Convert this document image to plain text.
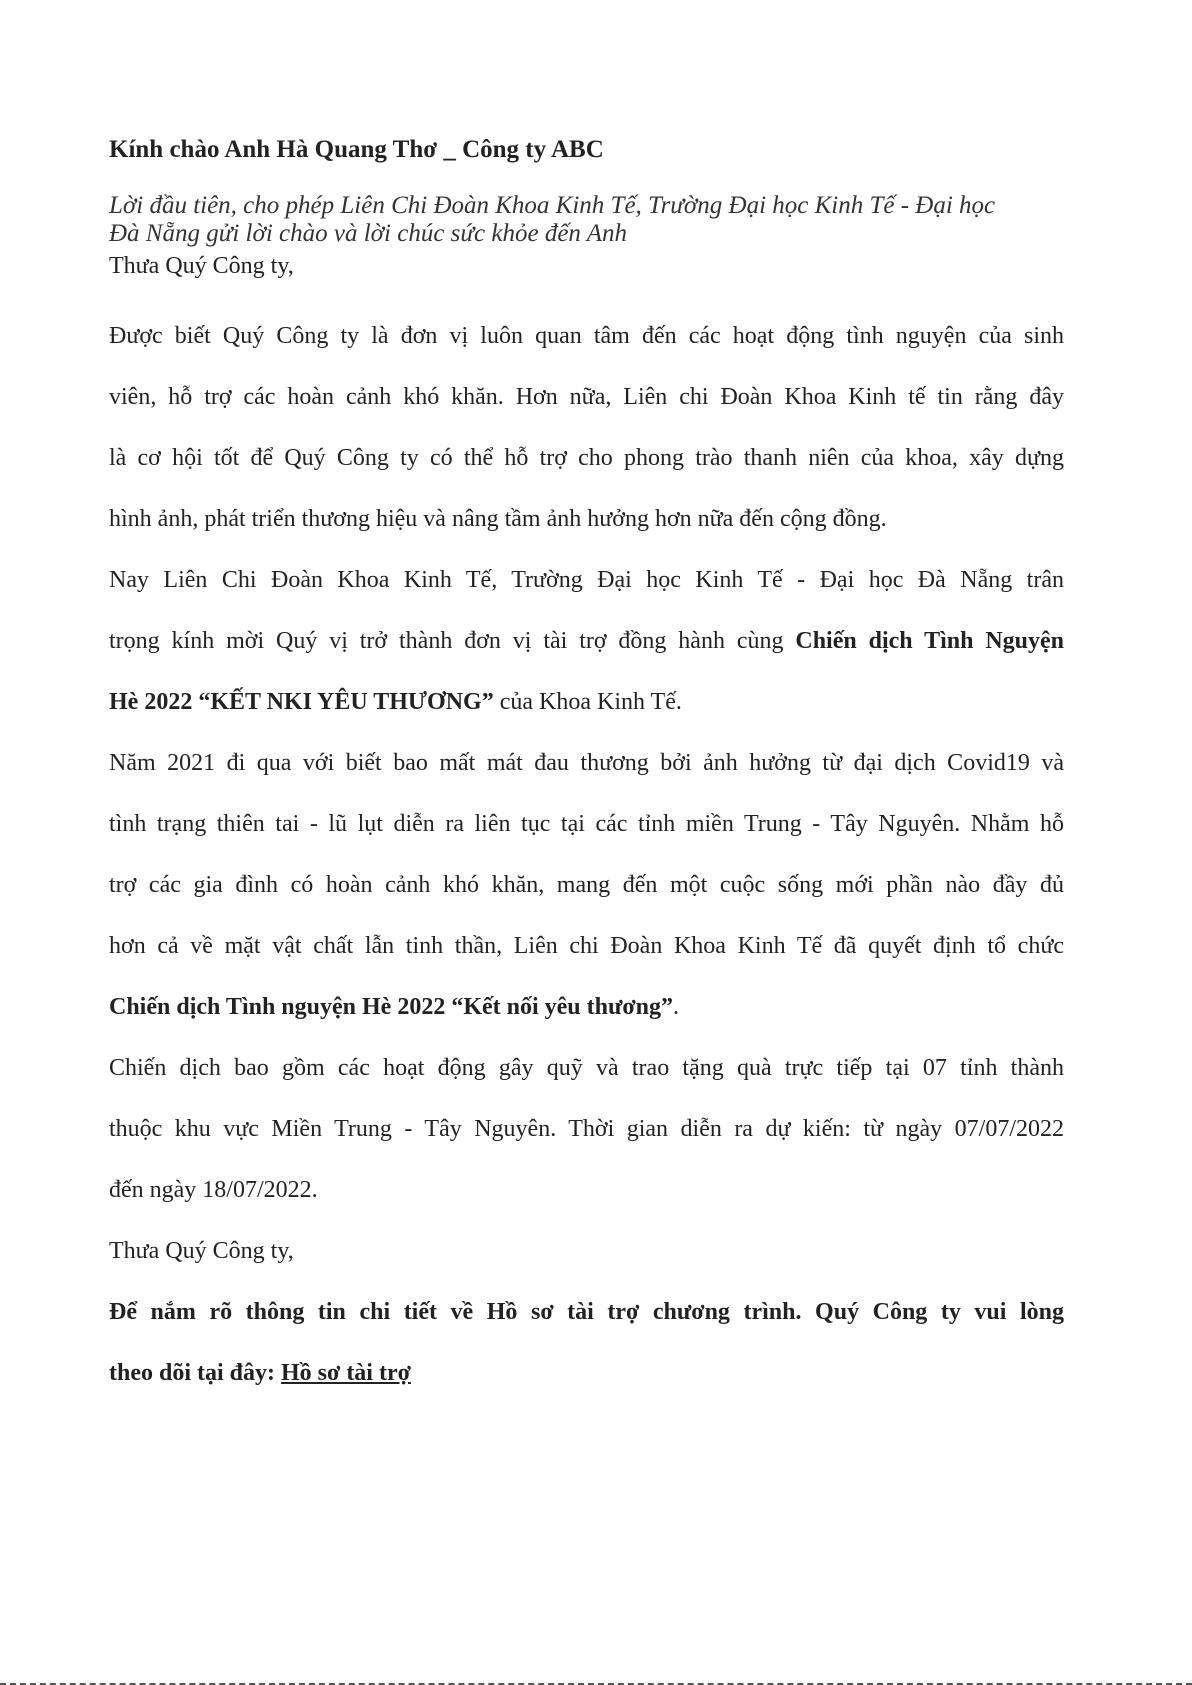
Kính chào Anh Hà Quang Thơ _ Công ty ABC

Lời đầu tiên, cho phép Liên Chi Đoàn Khoa Kinh Tế, Trường Đại học Kinh Tế - Đại học
Đà Nẵng gửi lời chào và lời chúc sức khỏe đến Anh

Thưa Quý Công ty,

Được biết Quý Công ty là đơn vị luôn quan tâm đến các hoạt động tình nguyện của sinh
viên, hỗ trợ các hoàn cảnh khó khăn. Hơn nữa, Liên chi Đoàn Khoa Kinh tế tin rằng đây
là cơ hội tốt để Quý Công ty có thể hỗ trợ cho phong trào thanh niên của khoa, xây dựng
hình ảnh, phát triển thương hiệu và nâng tầm ảnh hưởng hơn nữa đến cộng đồng.

Nay Liên Chi Đoàn Khoa Kinh Tế, Trường Đại học Kinh Tế - Đại học Đà Nẵng trân
trọng kính mời Quý vị trở thành đơn vị tài trợ đồng hành cùng Chiến dịch Tình Nguyện
Hè 2022 “KẾT NKI YÊU THƯƠNG” của Khoa Kinh Tế.

Năm 2021 đi qua với biết bao mất mát đau thương bởi ảnh hưởng từ đại dịch Covid19 và
tình trạng thiên tai - lũ lụt diễn ra liên tục tại các tỉnh miền Trung - Tây Nguyên. Nhằm hỗ
trợ các gia đình có hoàn cảnh khó khăn, mang đến một cuộc sống mới phần nào đầy đủ
hơn cả về mặt vật chất lẫn tinh thần, Liên chi Đoàn Khoa Kinh Tế đã quyết định tổ chức
Chiến dịch Tình nguyện Hè 2022 “Kết nối yêu thương”.

Chiến dịch bao gồm các hoạt động gây quỹ và trao tặng quà trực tiếp tại 07 tỉnh thành
thuộc khu vực Miền Trung - Tây Nguyên. Thời gian diễn ra dự kiến: từ ngày 07/07/2022
đến ngày 18/07/2022.

Thưa Quý Công ty,

Để nắm rõ thông tin chi tiết về Hồ sơ tài trợ chương trình. Quý Công ty vui lòng
theo dõi tại đây: Hồ sơ tài trợ
